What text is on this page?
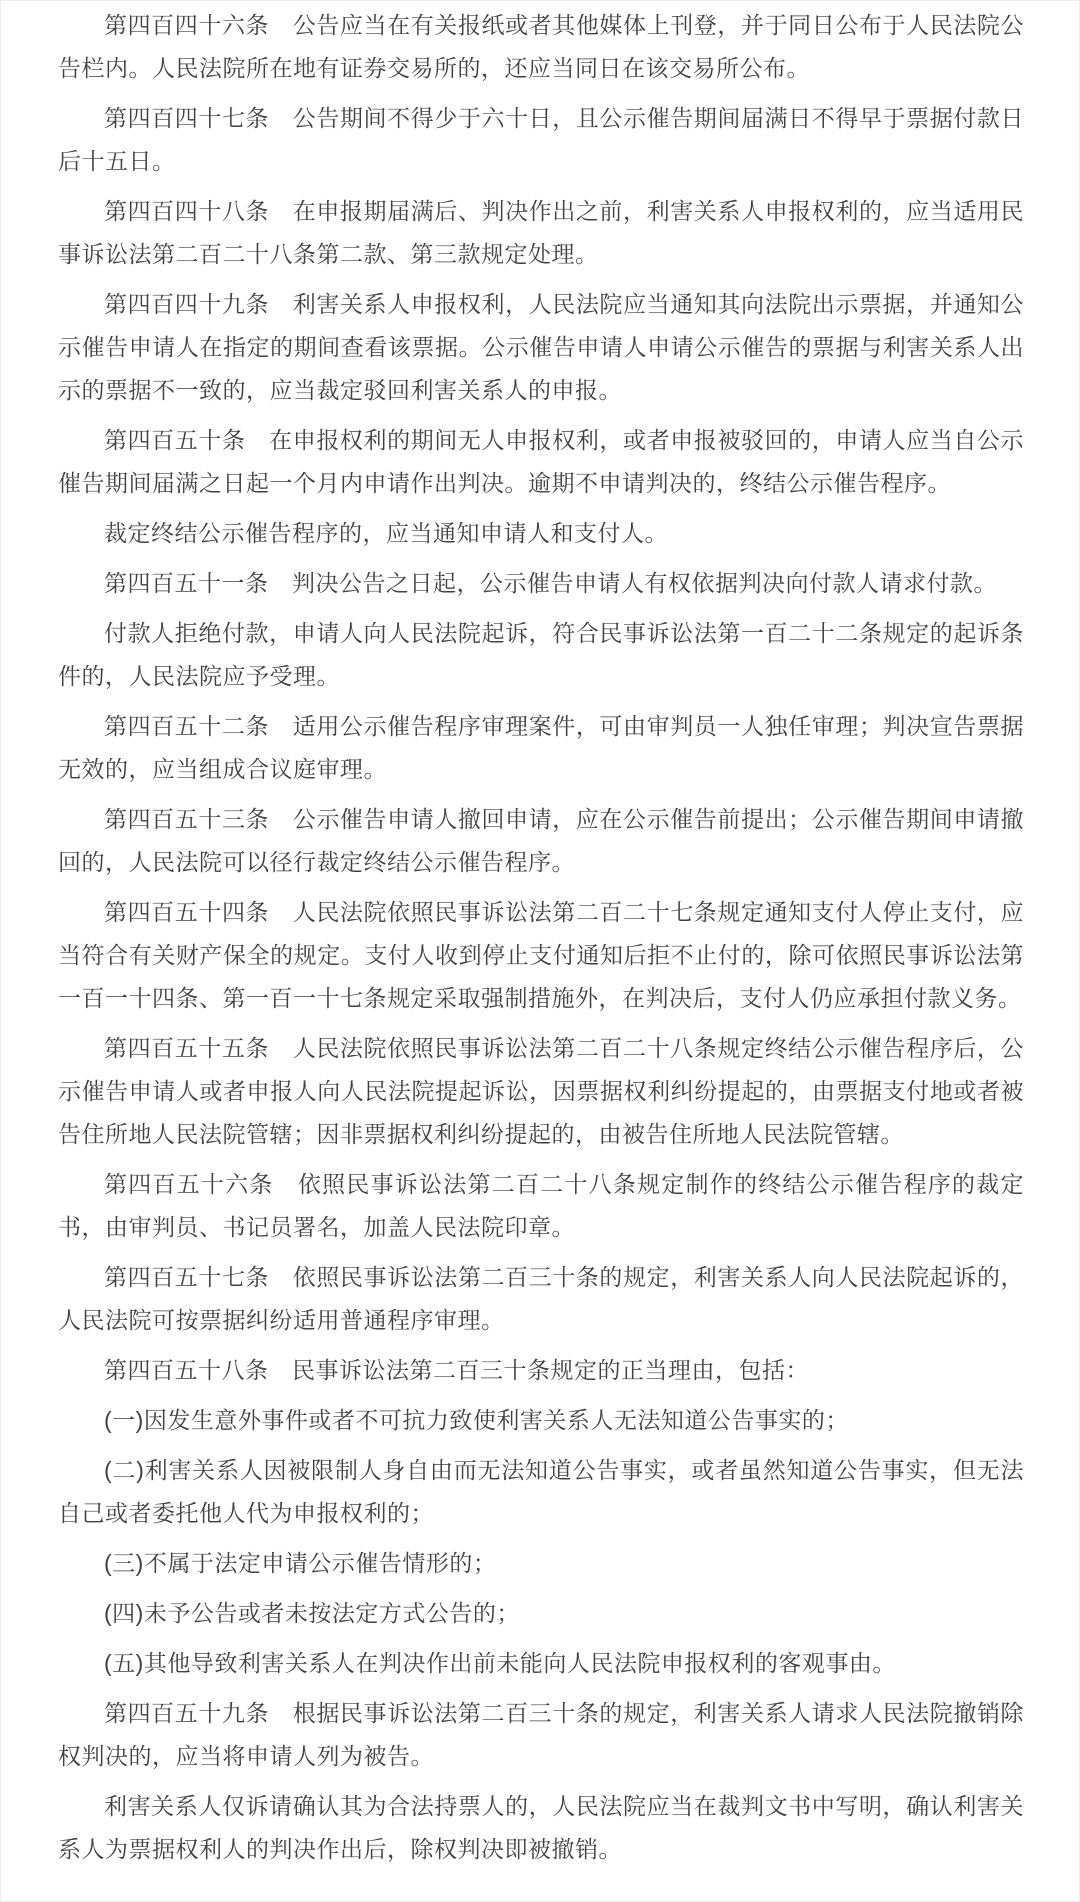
第四百四十六条　公告应当在有关报纸或者其他媒体上刊登，并于同日公布于人民法院公告栏内。人民法院所在地有证券交易所的，还应当同日在该交易所公布。

第四百四十七条　公告期间不得少于六十日，且公示催告期间届满日不得早于票据付款日后十五日。

第四百四十八条　在申报期届满后、判决作出之前，利害关系人申报权利的，应当适用民事诉讼法第二百二十八条第二款、第三款规定处理。

第四百四十九条　利害关系人申报权利，人民法院应当通知其向法院出示票据，并通知公示催告申请人在指定的期间查看该票据。公示催告申请人申请公示催告的票据与利害关系人出示的票据不一致的，应当裁定驳回利害关系人的申报。

第四百五十条　在申报权利的期间无人申报权利，或者申报被驳回的，申请人应当自公示催告期间届满之日起一个月内申请作出判决。逾期不申请判决的，终结公示催告程序。

裁定终结公示催告程序的，应当通知申请人和支付人。

第四百五十一条　判决公告之日起，公示催告申请人有权依据判决向付款人请求付款。

付款人拒绝付款，申请人向人民法院起诉，符合民事诉讼法第一百二十二条规定的起诉条件的，人民法院应予受理。

第四百五十二条　适用公示催告程序审理案件，可由审判员一人独任审理；判决宣告票据无效的，应当组成合议庭审理。

第四百五十三条　公示催告申请人撤回申请，应在公示催告前提出；公示催告期间申请撤回的，人民法院可以径行裁定终结公示催告程序。

第四百五十四条　人民法院依照民事诉讼法第二百二十七条规定通知支付人停止支付，应当符合有关财产保全的规定。支付人收到停止支付通知后拒不止付的，除可依照民事诉讼法第一百一十四条、第一百一十七条规定采取强制措施外，在判决后，支付人仍应承担付款义务。

第四百五十五条　人民法院依照民事诉讼法第二百二十八条规定终结公示催告程序后，公示催告申请人或者申报人向人民法院提起诉讼，因票据权利纠纷提起的，由票据支付地或者被告住所地人民法院管辖；因非票据权利纠纷提起的，由被告住所地人民法院管辖。

第四百五十六条　依照民事诉讼法第二百二十八条规定制作的终结公示催告程序的裁定书，由审判员、书记员署名，加盖人民法院印章。

第四百五十七条　依照民事诉讼法第二百三十条的规定，利害关系人向人民法院起诉的，人民法院可按票据纠纷适用普通程序审理。

第四百五十八条　民事诉讼法第二百三十条规定的正当理由，包括：

(一)因发生意外事件或者不可抗力致使利害关系人无法知道公告事实的；

(二)利害关系人因被限制人身自由而无法知道公告事实，或者虽然知道公告事实，但无法自己或者委托他人代为申报权利的；

(三)不属于法定申请公示催告情形的；

(四)未予公告或者未按法定方式公告的；

(五)其他导致利害关系人在判决作出前未能向人民法院申报权利的客观事由。

第四百五十九条　根据民事诉讼法第二百三十条的规定，利害关系人请求人民法院撤销除权判决的，应当将申请人列为被告。

利害关系人仅诉请确认其为合法持票人的，人民法院应当在裁判文书中写明，确认利害关系人为票据权利人的判决作出后，除权判决即被撤销。
